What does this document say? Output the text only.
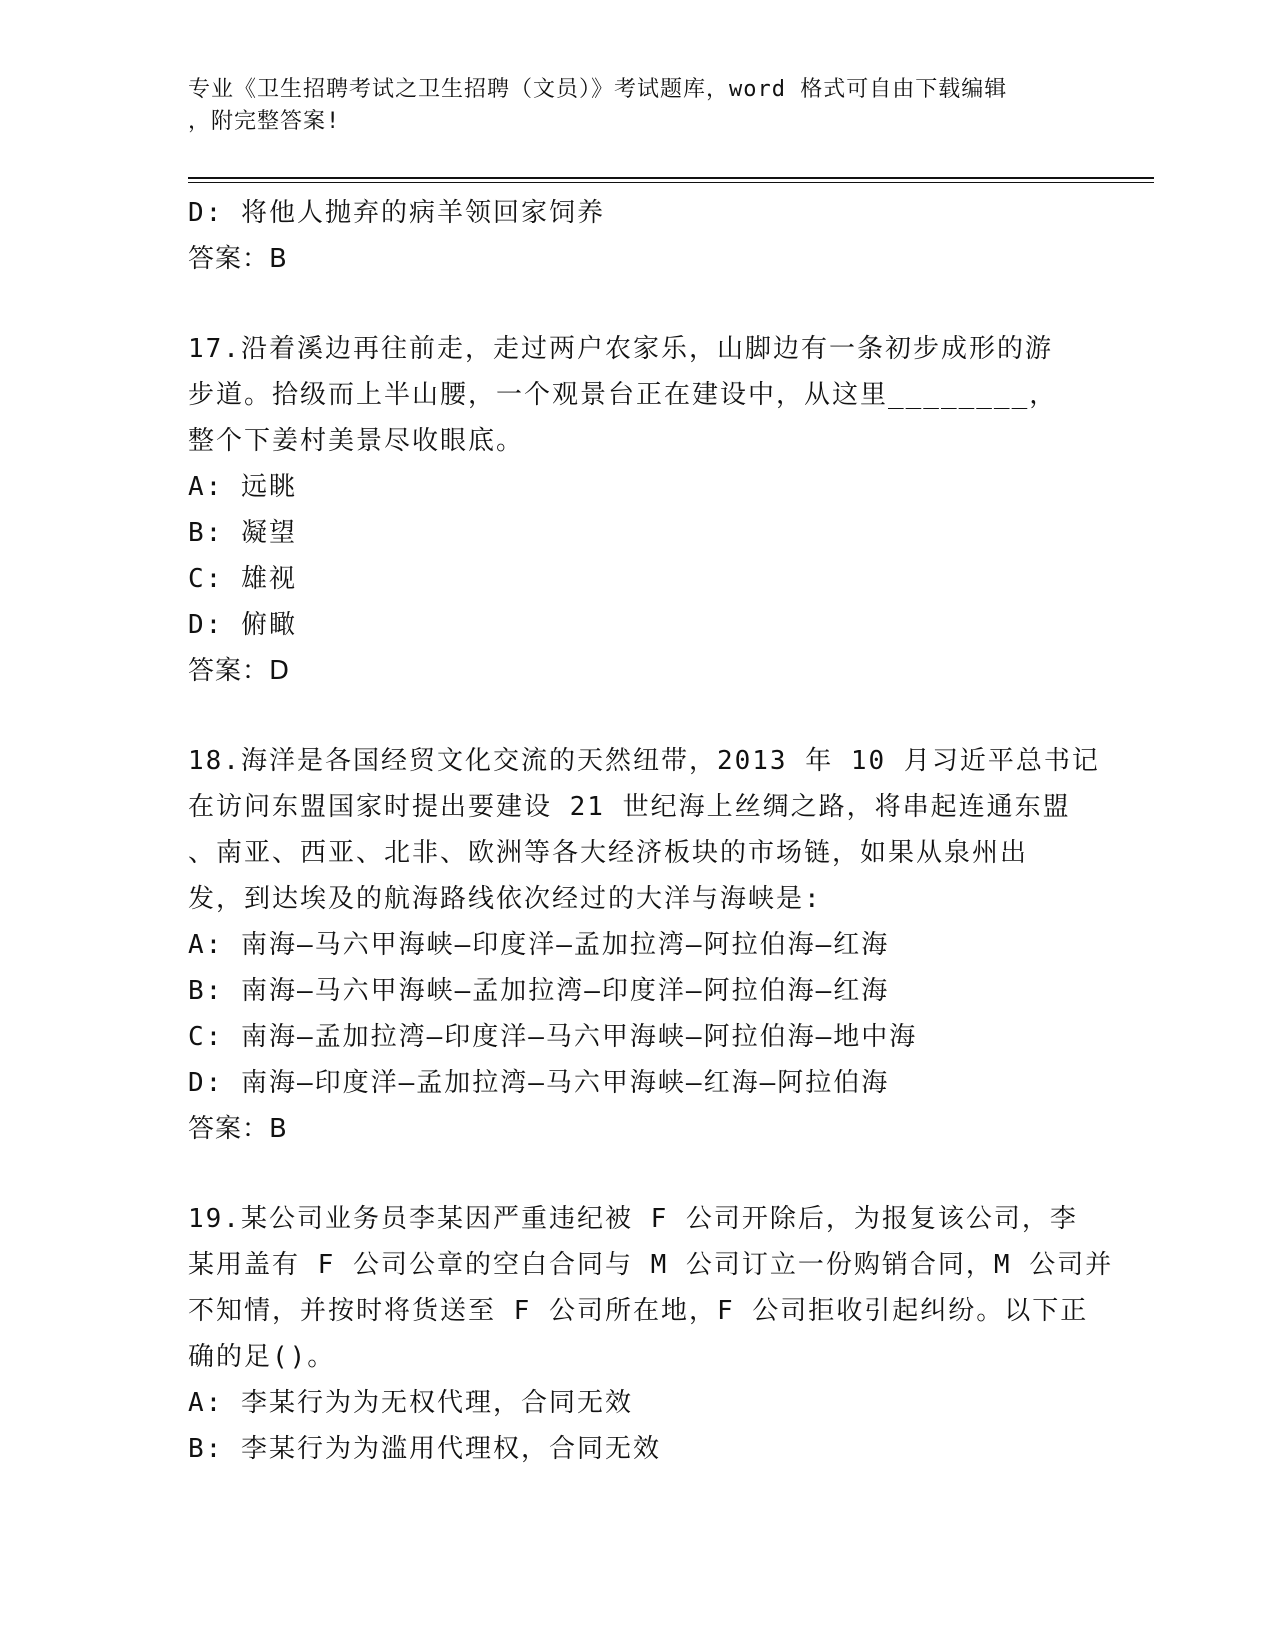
专业《卫生招聘考试之卫生招聘（文员）》考试题库，word 格式可自由下载编辑
，附完整答案!
D: 将他人抛弃的病羊领回家饲养
答案：B
17.沿着溪边再往前走，走过两户农家乐，山脚边有一条初步成形的游
步道。拾级而上半山腰，一个观景台正在建设中，从这里________，
整个下姜村美景尽收眼底。
A: 远眺
B: 凝望
C: 雄视
D: 俯瞰
答案：D
18.海洋是各国经贸文化交流的天然纽带，2013 年 10 月习近平总书记
在访问东盟国家时提出要建设 21 世纪海上丝绸之路，将串起连通东盟
、南亚、西亚、北非、欧洲等各大经济板块的市场链，如果从泉州出
发，到达埃及的航海路线依次经过的大洋与海峡是:
A: 南海—马六甲海峡—印度洋—孟加拉湾—阿拉伯海—红海
B: 南海—马六甲海峡—孟加拉湾—印度洋—阿拉伯海—红海
C: 南海—孟加拉湾—印度洋—马六甲海峡—阿拉伯海—地中海
D: 南海—印度洋—孟加拉湾—马六甲海峡—红海—阿拉伯海
答案：B
19.某公司业务员李某因严重违纪被 F 公司开除后，为报复该公司，李
某用盖有 F 公司公章的空白合同与 M 公司订立一份购销合同，M 公司并
不知情，并按时将货送至 F 公司所在地，F 公司拒收引起纠纷。以下正
确的足()。
A: 李某行为为无权代理，合同无效
B: 李某行为为滥用代理权，合同无效
